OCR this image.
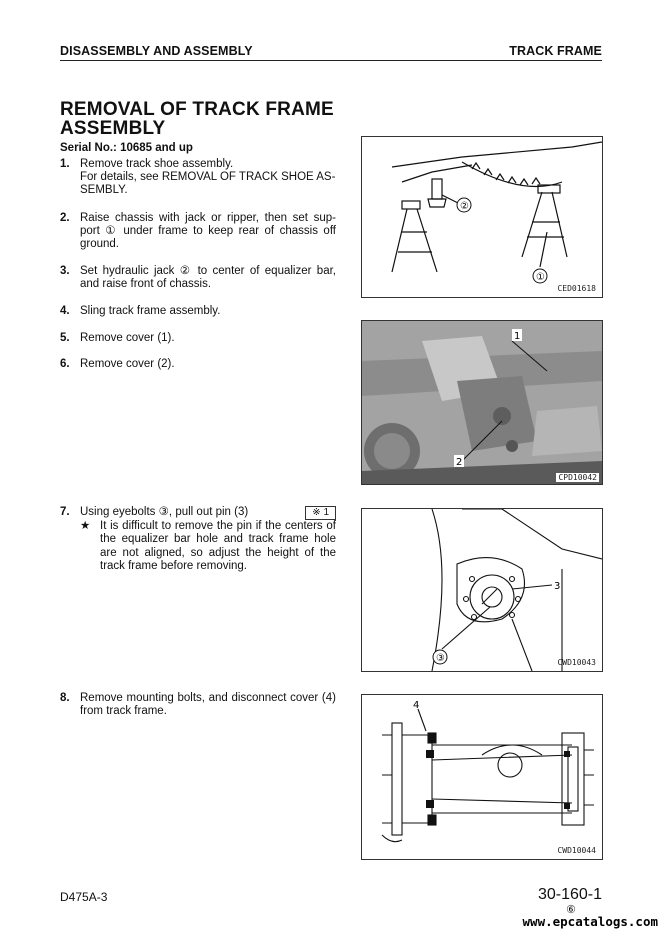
DISASSEMBLY AND ASSEMBLY	TRACK FRAME
REMOVAL OF TRACK FRAME
ASSEMBLY
Serial No.: 10685 and up
1. Remove track shoe assembly.
For details, see REMOVAL OF TRACK SHOE AS-SEMBLY.
2. Raise chassis with jack or ripper, then set sup-port ① under frame to keep rear of chassis off ground.
3. Set hydraulic jack ② to center of equalizer bar, and raise front of chassis.
4. Sling track frame assembly.
5. Remove cover (1).
6. Remove cover (2).
7. Using eyebolts ③, pull out pin (3)	※ 1
★ It is difficult to remove the pin if the centers of the equalizer bar hole and track frame hole are not aligned, so adjust the height of the track frame before removing.
8. Remove mounting bolts, and disconnect cover (4) from track frame.
②
①
CED01618
1
2
CPD10042
3
③	CWD10043
4
CWD10044
D475A-3	30-160-1
⑥
www.epcatalogs.com
